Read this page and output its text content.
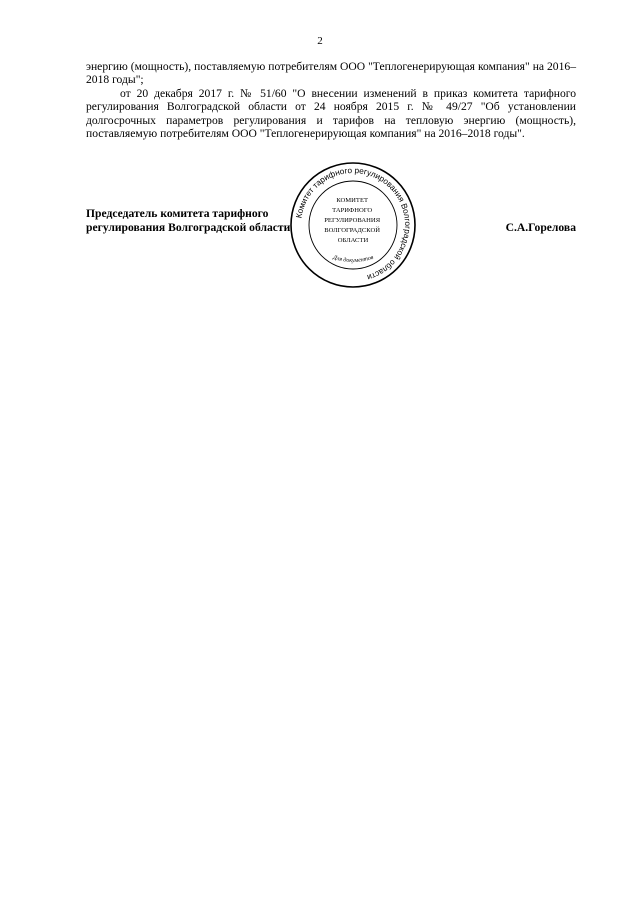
2

энергию (мощность), поставляемую потребителям ООО "Теплогенерирующая компания" на 2016–2018 годы";

от 20 декабря 2017 г. № 51/60 "О внесении изменений в приказ комитета тарифного регулирования Волгоградской области от 24 ноября 2015 г. № 49/27 "Об установлении долгосрочных параметров регулирования и тарифов на тепловую энергию (мощность), поставляемую потребителям ООО "Теплогенерирующая компания" на 2016–2018 годы".

Председатель комитета тарифного
регулирования Волгоградской области	С.А.Горелова
Комитет тарифного регулирования Волгоградской области
КОМИТЕТ ТАРИФНОГО РЕГУЛИРОВАНИЯ ВОЛГОГРАДСКОЙ ОБЛАСТИ
Для документов
